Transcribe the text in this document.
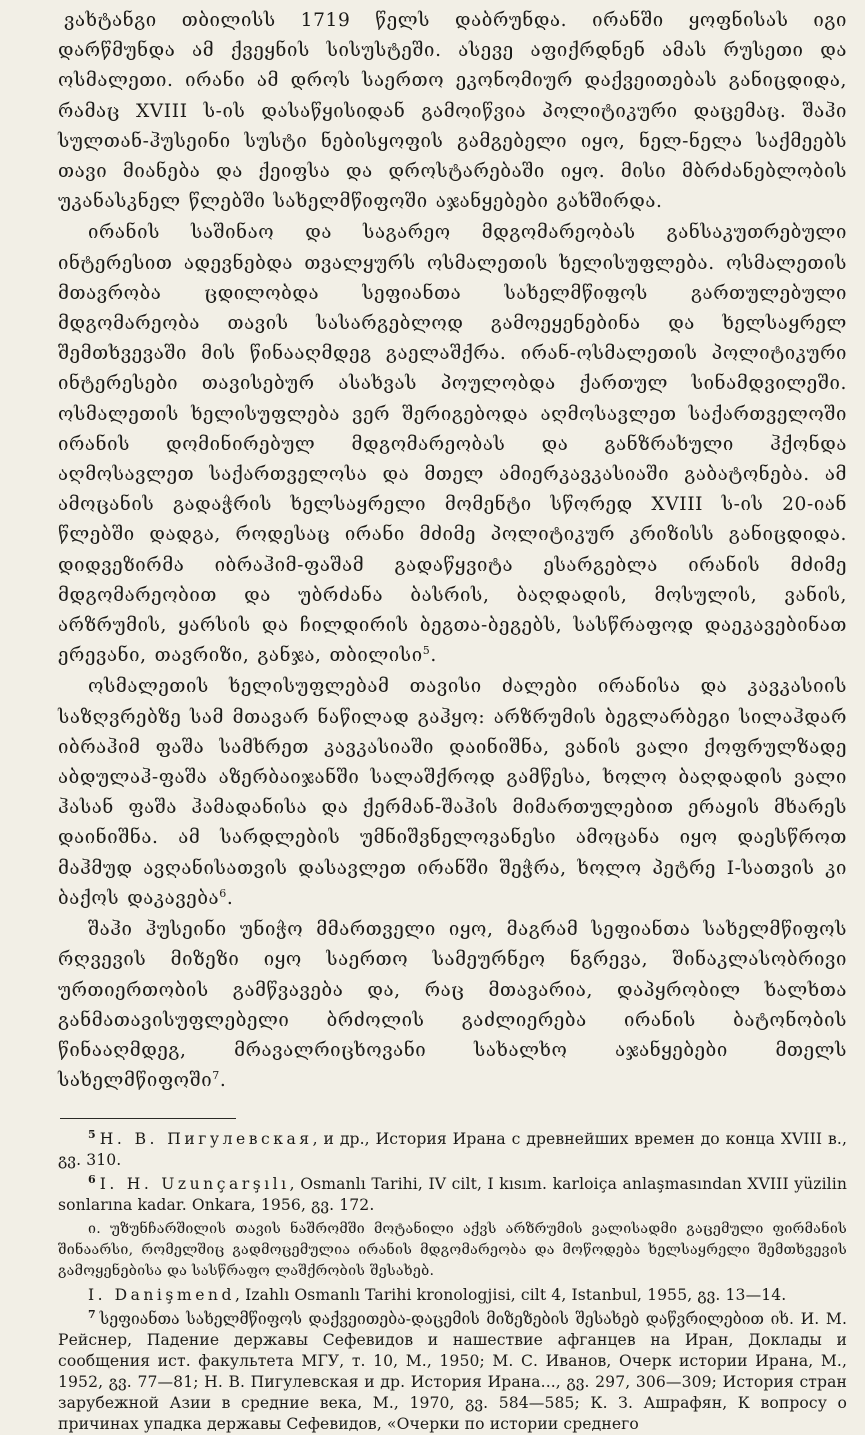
ვახტანგი თბილისს 1719 წელს დაბრუნდა. ირანში ყოფნისას იგი დარწმუნდა ამ ქვეყნის სისუსტეში. ასევე აფიქრდნენ ამას რუსეთი და ოსმალეთი. ირანი ამ დროს საერთო ეკონომიურ დაქვეითებას განიცდიდა, რამაც XVIII ს-ის დასაწყისიდან გამოიწვია პოლიტიკური დაცემაც. შაჰი სულთან-ჰუსეინი სუსტი ნებისყოფის გამგებელი იყო, ნელ-ნელა საქმეებს თავი მიანება და ქეიფსა და დროსტარებაში იყო. მისი მბრძანებლობის უკანასკნელ წლებში სახელმწიფოში აჯანყებები გახშირდა.

ირანის საშინაო და საგარეო მდგომარეობას განსაკუთრებული ინტერესით ადევნებდა თვალყურს ოსმალეთის ხელისუფლება. ოსმალეთის მთავრობა ცდილობდა სეფიანთა სახელმწიფოს გართულებული მდგომარეობა თავის სასარგებლოდ გამოეყენებინა და ხელსაყრელ შემთხვევაში მის წინააღმდეგ გაელაშქრა. ირან-ოსმალეთის პოლიტიკური ინტერესები თავისებურ ასახვას პოულობდა ქართულ სინამდვილეში. ოსმალეთის ხელისუფლება ვერ შერიგებოდა აღმოსავლეთ საქართველოში ირანის დომინირებულ მდგომარეობას და განზრახული ჰქონდა აღმოსავლეთ საქართველოსა და მთელ ამიერკავკასიაში გაბატონება. ამ ამოცანის გადაჭრის ხელსაყრელი მომენტი სწორედ XVIII ს-ის 20-იან წლებში დადგა, როდესაც ირანი მძიმე პოლიტიკურ კრიზისს განიცდიდა. დიდვეზირმა იბრაჰიმ-ფაშამ გადაწყვიტა ესარგებლა ირანის მძიმე მდგომარეობით და უბრძანა ბასრის, ბაღდადის, მოსულის, ვანის, არზრუმის, ყარსის და ჩილდირის ბეგთა-ბეგებს, სასწრაფოდ დაეკავებინათ ერევანი, თავრიზი, განჯა, თბილისი$^5$.

ოსმალეთის ხელისუფლებამ თავისი ძალები ირანისა და კავკასიის საზღვრებზე სამ მთავარ ნაწილად გაჰყო: არზრუმის ბეგლარბეგი სილაჰდარ იბრაჰიმ ფაშა სამხრეთ კავკასიაში დაინიშნა, ვანის ვალი ქოფრულზადე აბდულაჰ-ფაშა აზერბაიჯანში სალაშქროდ გამწესა, ხოლო ბაღდადის ვალი ჰასან ფაშა ჰამადანისა და ქერმან-შაჰის მიმართულებით ერაყის მხარეს დაინიშნა. ამ სარდლების უმნიშვნელოვანესი ამოცანა იყო დაესწროთ მაჰმუდ ავღანისათვის დასავლეთ ირანში შეჭრა, ხოლო პეტრე I-სათვის კი ბაქოს დაკავება$^6$.

შაჰი ჰუსეინი უნიჭო მმართველი იყო, მაგრამ სეფიანთა სახელმწიფოს რღვევის მიზეზი იყო საერთო სამეურნეო ნგრევა, შინაკლასობრივი ურთიერთობის გამწვავება და, რაც მთავარია, დაპყრობილ ხალხთა განმათავისუფლებელი ბრძოლის გაძლიერება ირანის ბატონობის წინააღმდეგ, მრავალრიცხოვანი სახალხო აჯანყებები მთელს სახელმწიფოში$^7$.

$^5$ Н. В. Пигулевская, и др., История Ирана с древнейших времен до конца XVIII в., გვ. 310.

$^6$ I. H. Uzunçarşılı, Osmanlı Tarihi, IV cilt, I kısım. karloiça anlaşmasından XVIII yüzilin sonlarına kadar. Onkara, 1956, გვ. 172.

ი. უზუნჩარშილის თავის ნაშრომში მოტანილი აქვს არზრუმის ვალისადმი გაცემული ფირმანის შინაარსი, რომელშიც გადმოცემულია ირანის მდგომარეობა და მოწოდება ხელსაყრელი შემთხვევის გამოყენებისა და სასწრაფო ლაშქრობის შესახებ.

I. Danişmend, Izahlı Osmanlı Tarihi kronologjisi, cilt 4, Istanbul, 1955, გვ. 13—14.

$^7$ სეფიანთა სახელმწიფოს დაქვეითება-დაცემის მიზეზების შესახებ დაწვრილებით იხ. И. М. Рейснер, Падение державы Сефевидов и нашествие афганцев на Иран, Доклады и сообщения ист. факультета МГУ, т. 10, М., 1950; М. С. Иванов, Очерк истории Ирана, М., 1952, გვ. 77—81; Н. В. Пигулевская и др. История Ирана..., გვ. 297, 306—309; История стран зарубежной Азии в средние века, М., 1970, გვ. 584—585; К. З. Ашрафян, К вопросу о причинах упадка державы Сефевидов, «Очерки по истории среднего
